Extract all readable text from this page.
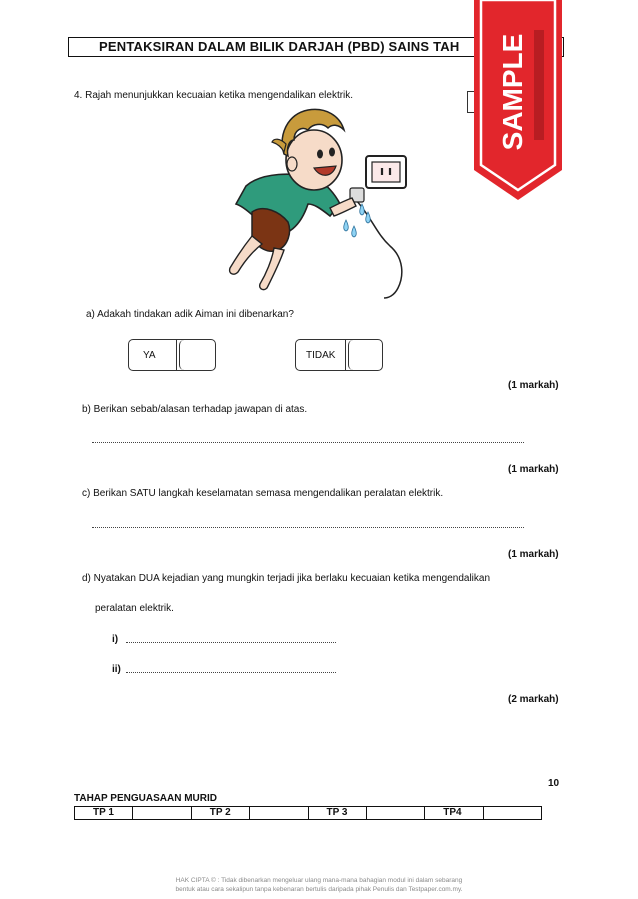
PENTAKSIRAN DALAM BILIK DARJAH (PBD) SAINS TAH
4. Rajah menunjukkan kecuaian ketika mengendalikan elektrik.
a) Adakah tindakan adik Aiman ini dibenarkan?
YA	TIDAK
(1 markah)
b) Berikan sebab/alasan terhadap jawapan di atas.
(1 markah)
c) Berikan SATU langkah keselamatan semasa mengendalikan peralatan elektrik.
(1 markah)
d) Nyatakan DUA kejadian yang mungkin terjadi jika berlaku kecuaian ketika mengendalikan
peralatan elektrik.
i)
ii)
(2 markah)
10
TAHAP PENGUASAAN MURID
TP 1	TP 2	TP 3	TP4
HAK CIPTA © : Tidak dibenarkan mengeluar ulang mana-mana bahagian modul ini dalam sebarang
bentuk atau cara sekalipun tanpa kebenaran bertulis daripada pihak Penulis dan Testpaper.com.my.
SAMPLE
